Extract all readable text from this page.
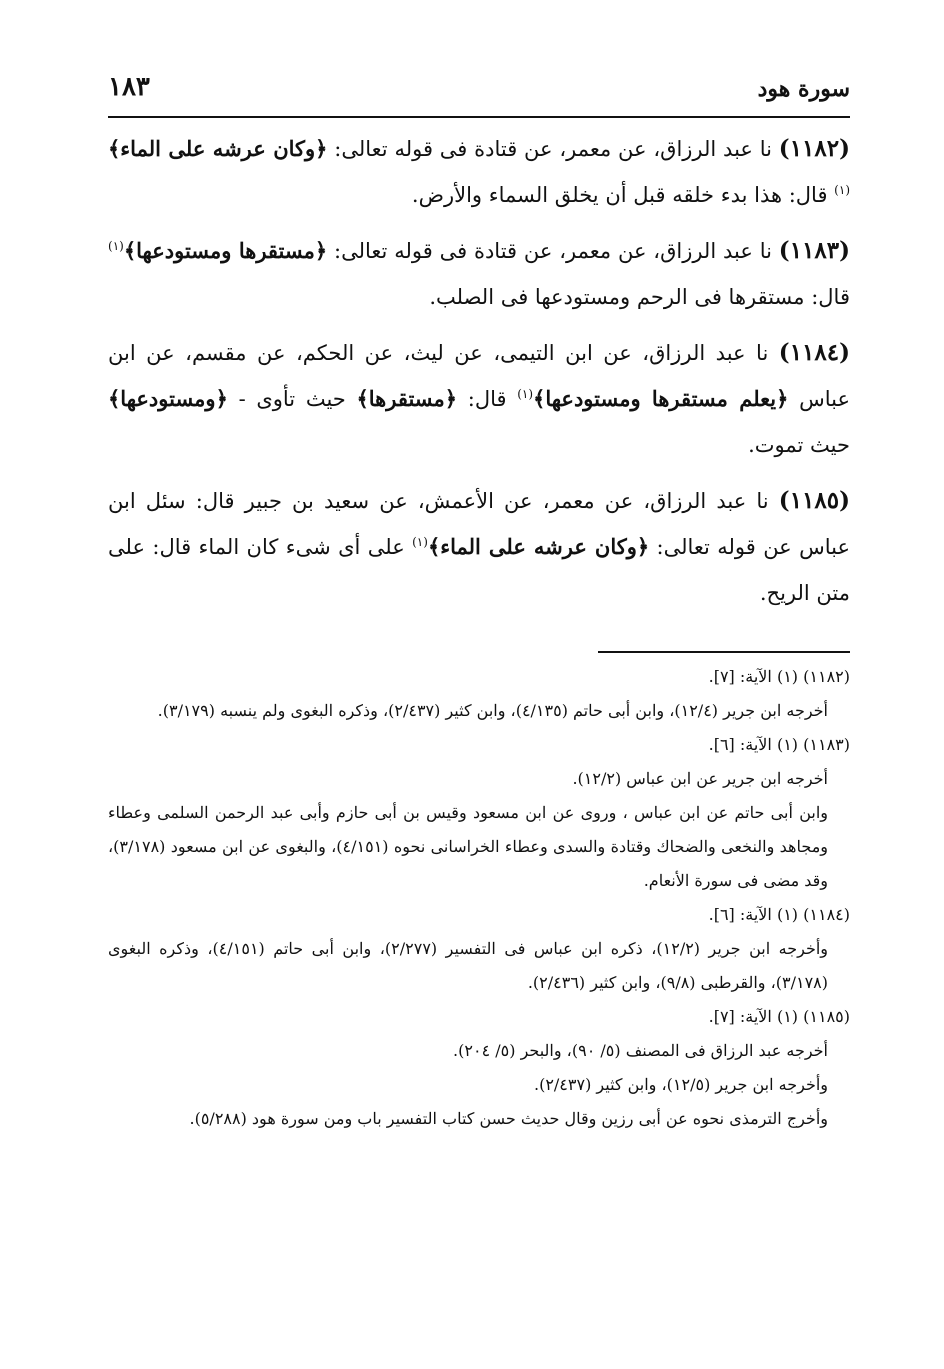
سورة هود
١٨٣

(١١٨٢) نا عبد الرزاق، عن معمر، عن قتادة فى قوله تعالى: ﴿وكان عرشه على الماء﴾$^{(١)}$ قال: هذا بدء خلقه قبل أن يخلق السماء والأرض.

(١١٨٣) نا عبد الرزاق، عن معمر، عن قتادة فى قوله تعالى: ﴿مستقرها ومستودعها﴾$^{(١)}$ قال: مستقرها فى الرحم ومستودعها فى الصلب.

(١١٨٤) نا عبد الرزاق، عن ابن التيمى، عن ليث، عن الحكم، عن مقسم، عن ابن عباس ﴿يعلم مستقرها ومستودعها﴾$^{(١)}$ قال: ﴿مستقرها﴾ حيث تأوى - ﴿ومستودعها﴾ حيث تموت.

(١١٨٥) نا عبد الرزاق، عن معمر، عن الأعمش، عن سعيد بن جبير قال: سئل ابن عباس عن قوله تعالى: ﴿وكان عرشه على الماء﴾$^{(١)}$ على أى شىء كان الماء قال: على متن الريح.

(١١٨٢) (١) الآية: [٧].

أخرجه ابن جرير (١٢/٤)، وابن أبى حاتم (٤/١٣٥)، وابن كثير (٢/٤٣٧)، وذكره البغوى ولم ينسبه (٣/١٧٩).

(١١٨٣) (١) الآية: [٦].

أخرجه ابن جرير عن ابن عباس (١٢/٢).

وابن أبى حاتم عن ابن عباس ، وروى عن ابن مسعود وقيس بن أبى حازم وأبى عبد الرحمن السلمى وعطاء ومجاهد والنخعى والضحاك وقتادة والسدى وعطاء الخراسانى نحوه (٤/١٥١)، والبغوى عن ابن مسعود (٣/١٧٨)، وقد مضى فى سورة الأنعام.

(١١٨٤) (١) الآية: [٦].

وأخرجه ابن جرير (١٢/٢)، ذكره ابن عباس فى التفسير (٢/٢٧٧)، وابن أبى حاتم (٤/١٥١)، وذكره البغوى (٣/١٧٨)، والقرطبى (٩/٨)، وابن كثير (٢/٤٣٦).

(١١٨٥) (١) الآية: [٧].

أخرجه عبد الرزاق فى المصنف (٥/ ٩٠)، والبحر (٥/ ٢٠٤).

وأخرجه ابن جرير (١٢/٥)، وابن كثير (٢/٤٣٧).

وأخرج الترمذى نحوه عن أبى رزين وقال حديث حسن كتاب التفسير باب ومن سورة هود (٥/٢٨٨).
